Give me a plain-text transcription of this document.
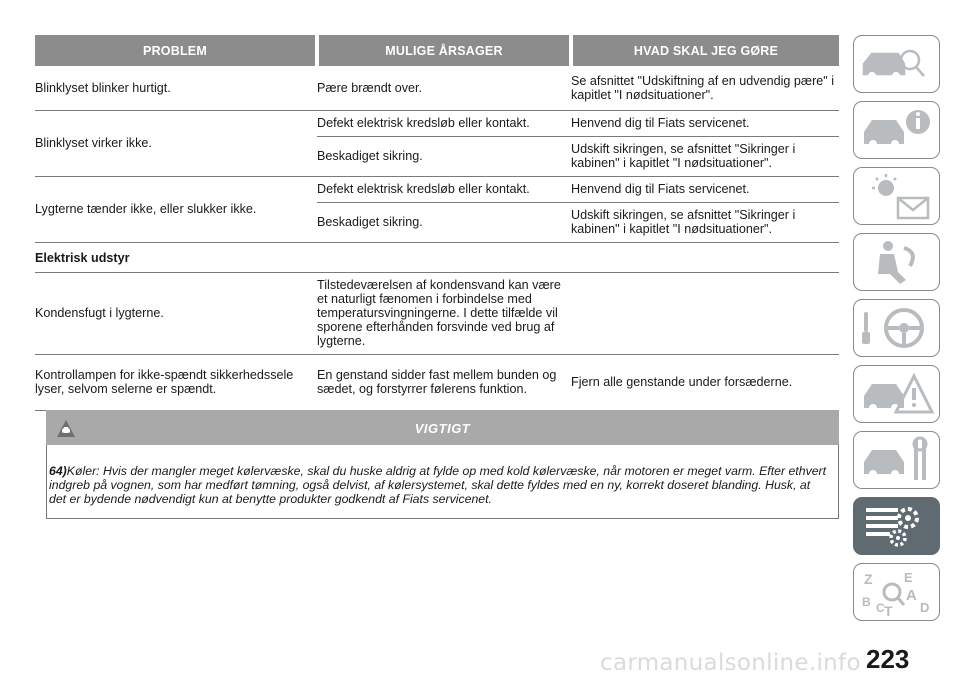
PROBLEM	MULIGE ÅRSAGER	HVAD SKAL JEG GØRE
Blinklyset blinker hurtigt.	Pære brændt over.	Se afsnittet "Udskiftning af en udvendig pære" i kapitlet "I nødsituationer".
Blinklyset virker ikke.	Defekt elektrisk kredsløb eller kontakt.	Henvend dig til Fiats servicenet.
	Beskadiget sikring.	Udskift sikringen, se afsnittet "Sikringer i kabinen" i kapitlet "I nødsituationer".
Lygterne tænder ikke, eller slukker ikke.	Defekt elektrisk kredsløb eller kontakt.	Henvend dig til Fiats servicenet.
	Beskadiget sikring.	Udskift sikringen, se afsnittet "Sikringer i kabinen" i kapitlet "I nødsituationer".
Elektrisk udstyr		
Kondensfugt i lygterne.	Tilstedeværelsen af kondensvand kan være et naturligt fænomen i forbindelse med temperatursvingningerne. I dette tilfælde vil sporene efterhånden forsvinde ved brug af lygterne.	
Kontrollampen for ikke-spændt sikkerhedssele lyser, selvom selerne er spændt.	En genstand sidder fast mellem bunden og sædet, og forstyrrer følerens funktion.	Fjern alle genstande under forsæderne.
VIGTIGT

64)Køler: Hvis der mangler meget kølervæske, skal du huske aldrig at fylde op med kold kølervæske, når motoren er meget varm. Efter ethvert indgreb på vognen, som har medført tømning, også delvist, af kølersystemet, skal dette fyldes med en ny, korrekt doseret blanding. Husk, at det er bydende nødvendigt kun at benytte produkter godkendt af Fiats servicenet.

Z E
B A
T D
C
223
carmanualsonline.info
